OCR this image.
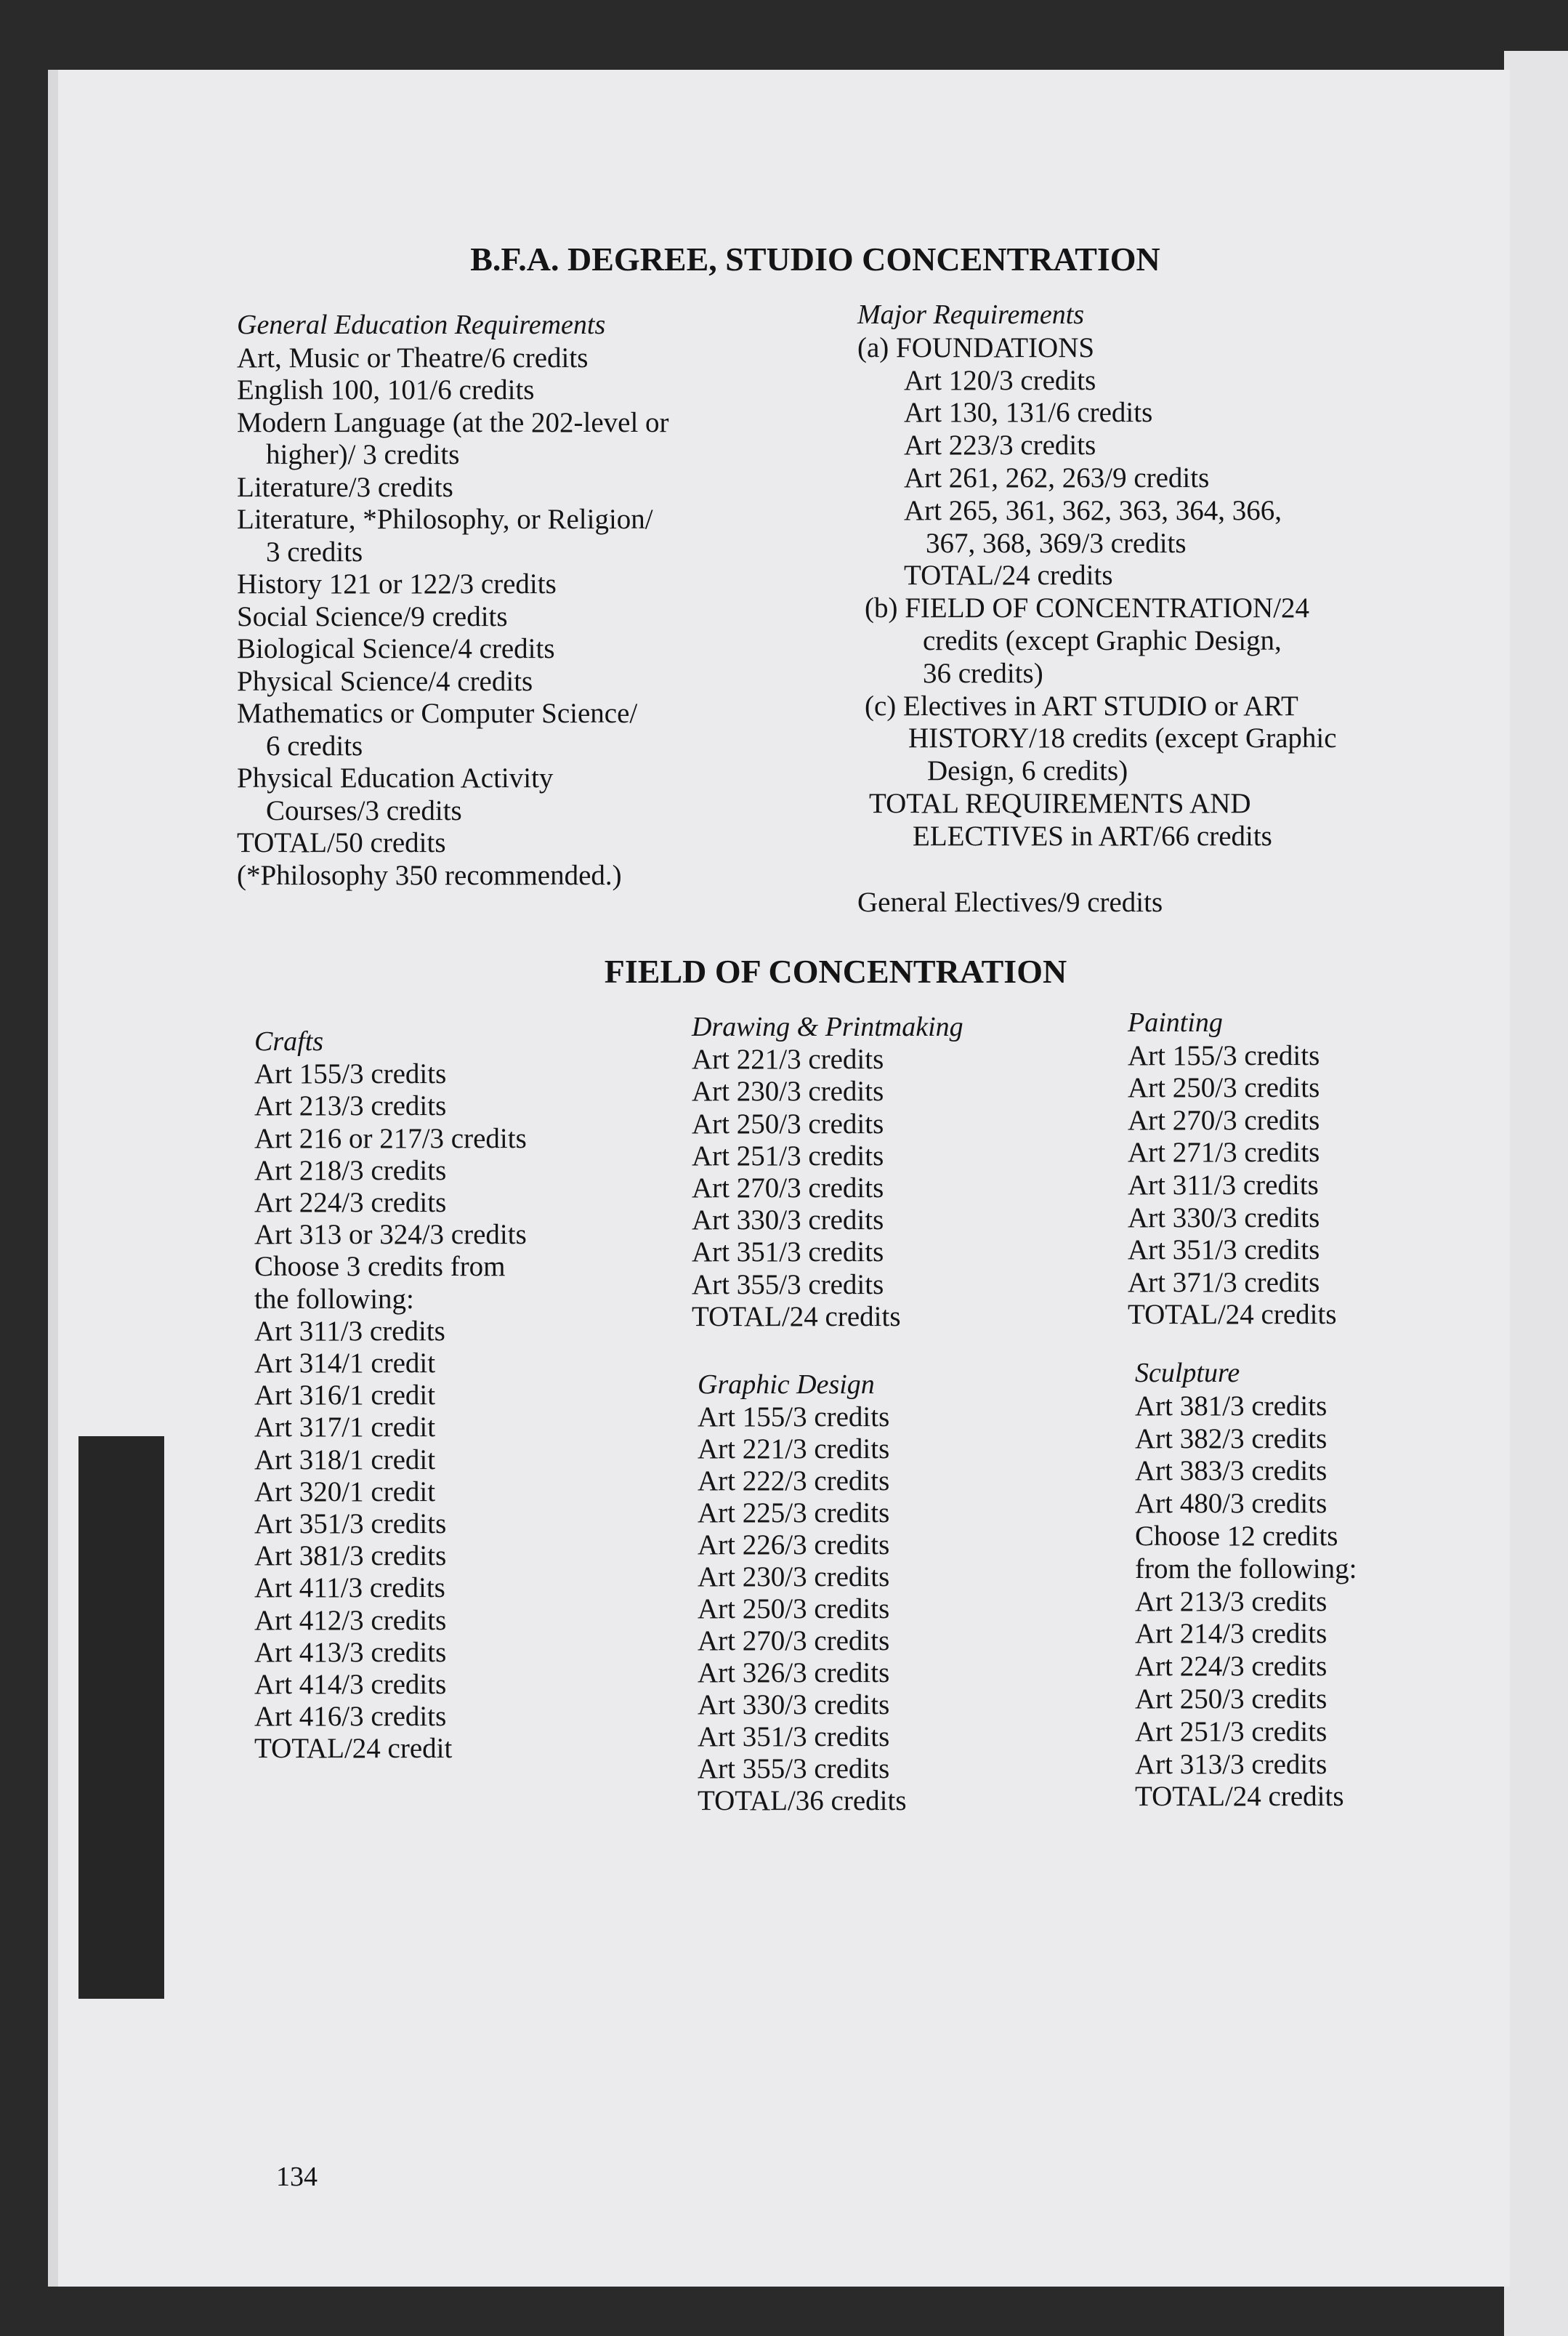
B.F.A. DEGREE, STUDIO CONCENTRATION
FIELD OF CONCENTRATION
General Education Requirements
Art, Music or Theatre/6 credits
English 100, 101/6 credits
Modern Language (at the 202-level or
higher)/ 3 credits
Literature/3 credits
Literature, *Philosophy, or Religion/
3 credits
History 121 or 122/3 credits
Social Science/9 credits
Biological Science/4 credits
Physical Science/4 credits
Mathematics or Computer Science/
6 credits
Physical Education Activity
Courses/3 credits
TOTAL/50 credits
(*Philosophy 350 recommended.)
Major Requirements
(a) FOUNDATIONS
Art 120/3 credits
Art 130, 131/6 credits
Art 223/3 credits
Art 261, 262, 263/9 credits
Art 265, 361, 362, 363, 364, 366,
367, 368, 369/3 credits
TOTAL/24 credits
(b) FIELD OF CONCENTRATION/24
credits (except Graphic Design,
36 credits)
(c) Electives in ART STUDIO or ART
HISTORY/18 credits (except Graphic
Design, 6 credits)
TOTAL REQUIREMENTS AND
ELECTIVES in ART/66 credits
General Electives/9 credits
Crafts
Art 155/3 credits
Art 213/3 credits
Art 216 or 217/3 credits
Art 218/3 credits
Art 224/3 credits
Art 313 or 324/3 credits
Choose 3 credits from
the following:
Art 311/3 credits
Art 314/1 credit
Art 316/1 credit
Art 317/1 credit
Art 318/1 credit
Art 320/1 credit
Art 351/3 credits
Art 381/3 credits
Art 411/3 credits
Art 412/3 credits
Art 413/3 credits
Art 414/3 credits
Art 416/3 credits
TOTAL/24 credit
Drawing & Printmaking
Art 221/3 credits
Art 230/3 credits
Art 250/3 credits
Art 251/3 credits
Art 270/3 credits
Art 330/3 credits
Art 351/3 credits
Art 355/3 credits
TOTAL/24 credits
Graphic Design
Art 155/3 credits
Art 221/3 credits
Art 222/3 credits
Art 225/3 credits
Art 226/3 credits
Art 230/3 credits
Art 250/3 credits
Art 270/3 credits
Art 326/3 credits
Art 330/3 credits
Art 351/3 credits
Art 355/3 credits
TOTAL/36 credits
Painting
Art 155/3 credits
Art 250/3 credits
Art 270/3 credits
Art 271/3 credits
Art 311/3 credits
Art 330/3 credits
Art 351/3 credits
Art 371/3 credits
TOTAL/24 credits
Sculpture
Art 381/3 credits
Art 382/3 credits
Art 383/3 credits
Art 480/3 credits
Choose 12 credits
from the following:
Art 213/3 credits
Art 214/3 credits
Art 224/3 credits
Art 250/3 credits
Art 251/3 credits
Art 313/3 credits
TOTAL/24 credits
134
